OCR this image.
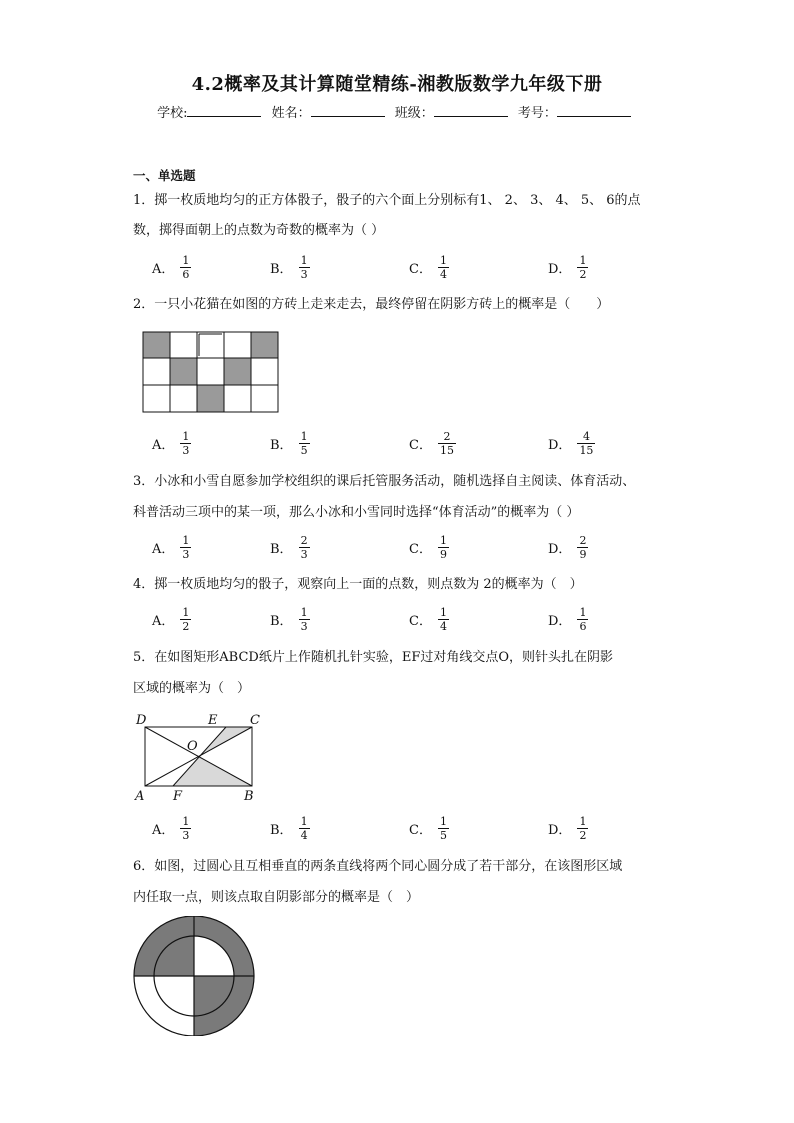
4.2概率及其计算随堂精练-湘教版数学九年级下册
学校:	姓名：	班级：	考号：
一、单选题
1．掷一枚质地均匀的正方体骰子，骰子的六个面上分别标有1、 2、 3、 4、 5、 6的点
数，掷得面朝上的点数为奇数的概率为（ ）
A． $\frac{1}{6}$	B． $\frac{1}{3}$	C． $\frac{1}{4}$	D． $\frac{1}{2}$
2．一只小花猫在如图的方砖上走来走去，最终停留在阴影方砖上的概率是（　　）
A． $\frac{1}{3}$	B． $\frac{1}{5}$	C． $\frac{2}{15}$	D． $\frac{4}{15}$
3．小冰和小雪自愿参加学校组织的课后托管服务活动，随机选择自主阅读、体育活动、
科普活动三项中的某一项，那么小冰和小雪同时选择“体育活动”的概率为（ ）
A． $\frac{1}{3}$	B． $\frac{2}{3}$	C． $\frac{1}{9}$	D． $\frac{2}{9}$
4．掷一枚质地均匀的骰子，观察向上一面的点数，则点数为 2的概率为（　）
A． $\frac{1}{2}$	B． $\frac{1}{3}$	C． $\frac{1}{4}$	D． $\frac{1}{6}$
5．在如图矩形ABCD纸片上作随机扎针实验，EF过对角线交点O，则针头扎在阴影
区域的概率为（　）
D	E	C
O
A F	B
A． $\frac{1}{3}$	B． $\frac{1}{4}$	C． $\frac{1}{5}$	D． $\frac{1}{2}$
6．如图，过圆心且互相垂直的两条直线将两个同心圆分成了若干部分，在该图形区域
内任取一点，则该点取自阴影部分的概率是（　）
